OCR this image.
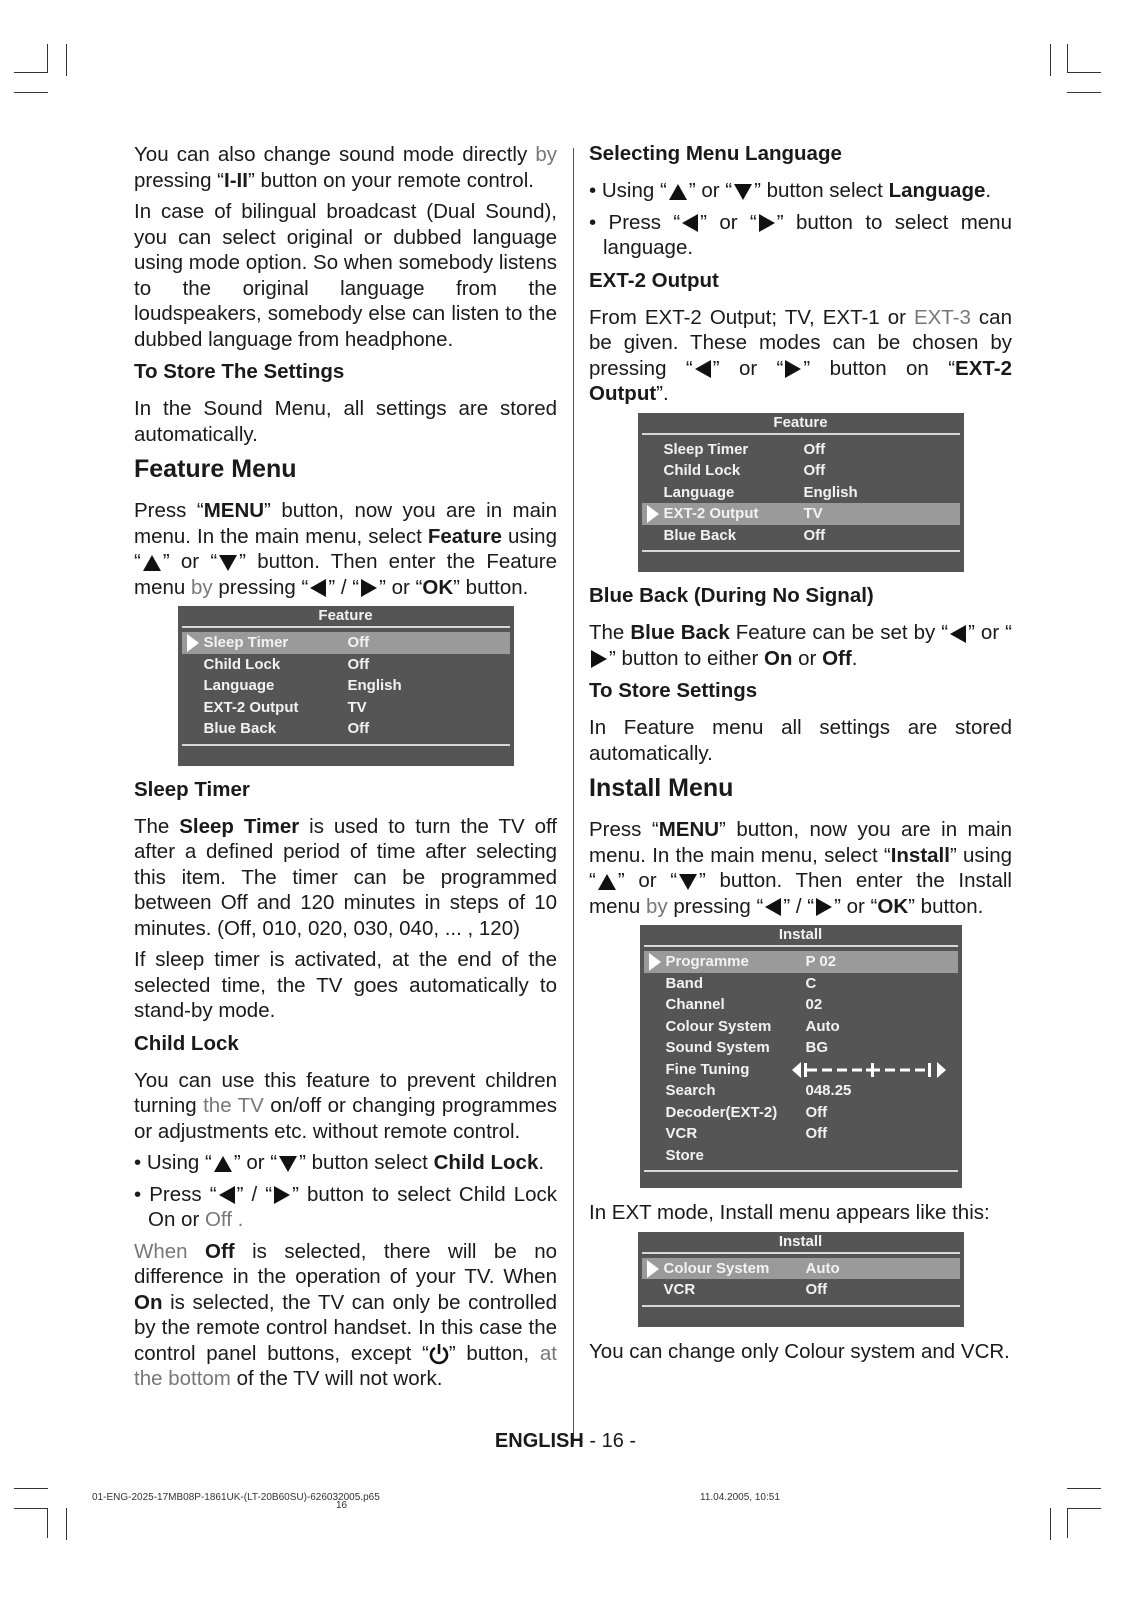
You can also change sound mode directly by pressing “I-II” button on your remote control.

In case of bilingual broadcast (Dual Sound), you can select original or dubbed language using mode option. So when somebody listens to the original language from the loudspeakers, somebody else can listen to the dubbed language from headphone.

To Store The Settings

In the Sound Menu, all settings are stored automatically.

Feature Menu

Press “MENU” button, now you are in main menu. In the main menu, select Feature using “ ” or “ ” button. Then enter the Feature menu by pressing “ ” / “ ” or “OK” button.

Feature
Sleep Timer	Off
Child Lock	Off
Language	English
EXT-2 Output	TV
Blue Back	Off
Sleep Timer

The Sleep Timer is used to turn the TV off after a defined period of time after selecting this item. The timer can be programmed between Off and 120 minutes in steps of 10 minutes. (Off, 010, 020, 030, 040, ... , 120)

If sleep timer is activated, at the end of the selected time, the TV goes automatically to stand-by mode.

Child Lock

You can use this feature to prevent children turning the TV on/off or changing programmes or adjustments etc. without remote control.

• Using “ ” or “ ” button select Child Lock.
• Press “ ” / “ ” button to select Child Lock On or Off .

When Off is selected, there will be no difference in the operation of your TV. When On is selected, the TV can only be controlled by the remote control handset. In this case the control panel buttons, except “ ” button, at the bottom of the TV will not work.

Selecting Menu Language
• Using “ ” or “ ” button select Language.
• Press “ ” or “ ” button to select menu language.
EXT-2 Output

From EXT-2 Output; TV, EXT-1 or EXT-3 can be given. These modes can be chosen by pressing “ ” or “ ” button on “EXT-2 Output”.

Feature
Sleep Timer	Off
Child Lock	Off
Language	English
EXT-2 Output	TV
Blue Back	Off
Blue Back (During No Signal)

The Blue Back Feature can be set by “ ” or “” button to either On or Off.

To Store Settings

In Feature menu all settings are stored automatically.

Install Menu

Press “MENU” button, now you are in main menu. In the main menu, select “Install” using “ ” or “ ” button. Then enter the Install menu by pressing “ ” / “ ” or “OK” button.

Install
Programme	P 02
Band	C
Channel	02
Colour System Auto
Sound System BG
Fine Tuning
Search	048.25
Decoder(EXT-2) Off
VCR	Off
Store

In EXT mode, Install menu appears like this:

Install
Colour System Auto
VCR	Off

You can change only Colour system and VCR.

ENGLISH - 16 -
01-ENG-2025-17MB08P-1861UK-(LT-20B60SU)-626032005.p65
16
11.04.2005, 10:51
